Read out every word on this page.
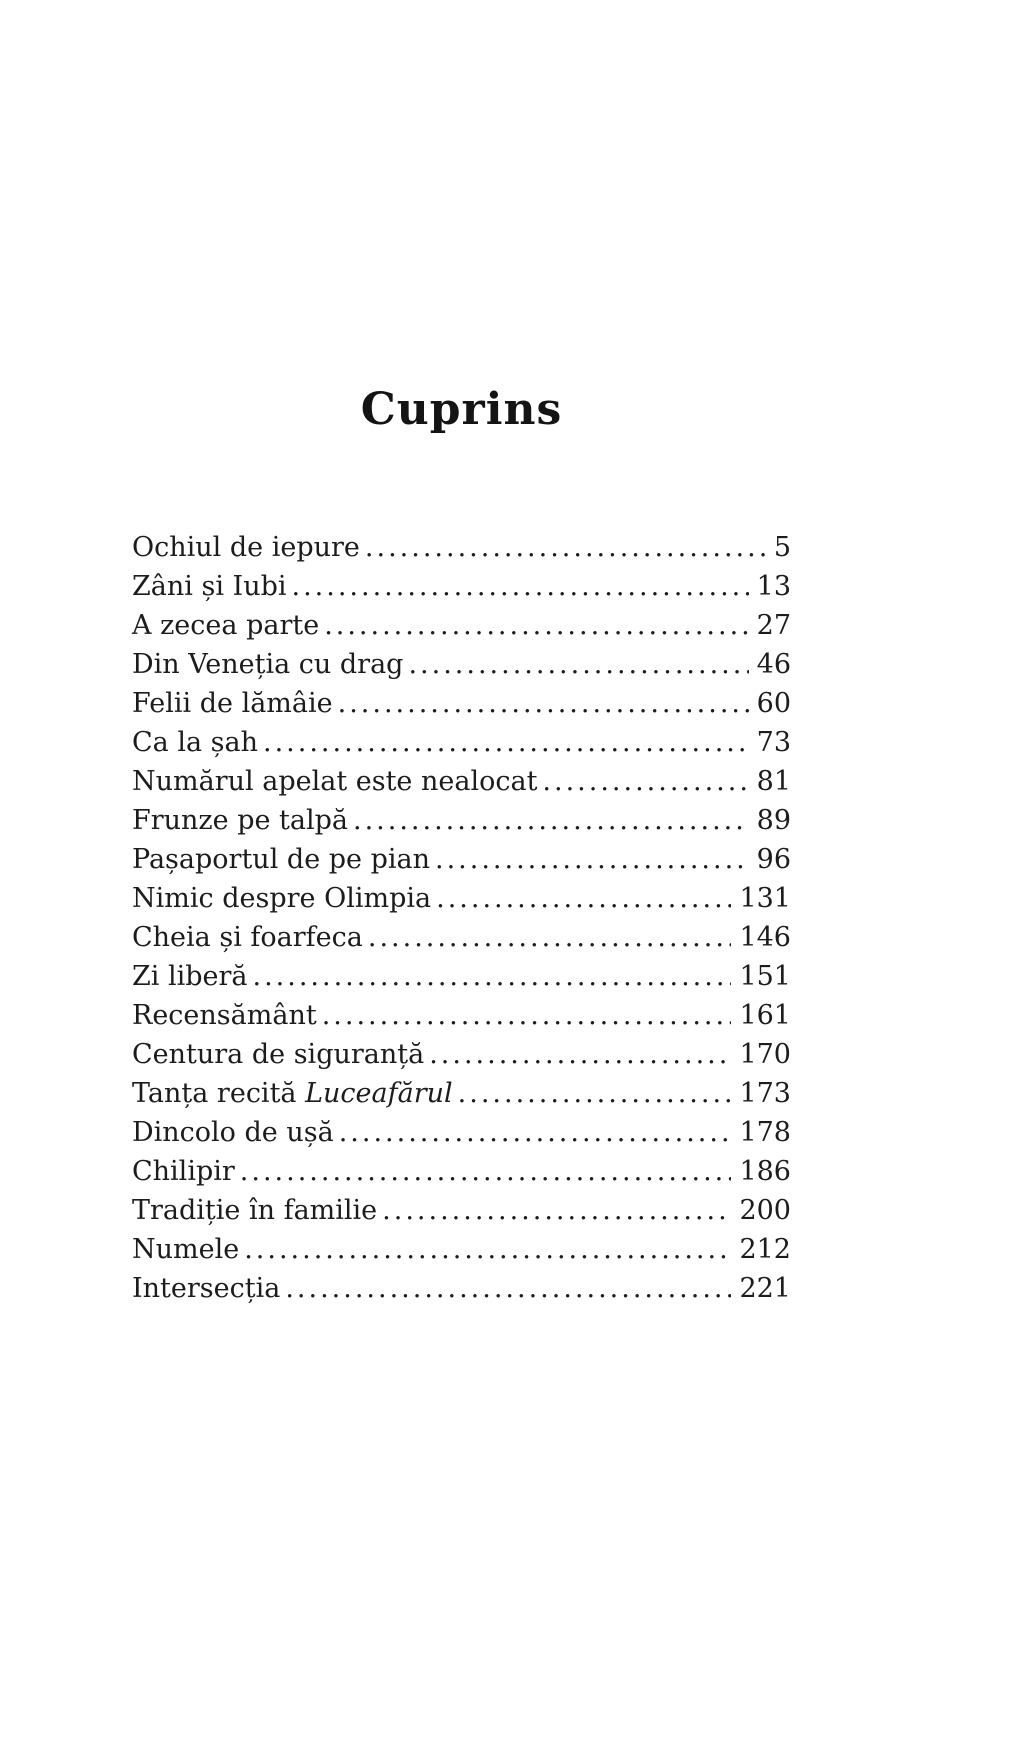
Cuprins
Ochiul de iepure .....	5
Zâni și Iubi .....	13
A zecea parte .....	27
Din Veneția cu drag .....	46
Felii de lămâie .....	60
Ca la șah .....	73
Numărul apelat este nealocat .....	81
Frunze pe talpă .....	89
Pașaportul de pe pian .....	96
Nimic despre Olimpia .....	131
Cheia și foarfeca .....	146
Zi liberă .....	151
Recensământ .....	161
Centura de siguranță .....	170
Tanța recită Luceafărul .....	173
Dincolo de ușă .....	178
Chilipir .....	186
Tradiție în familie .....	200
Numele .....	212
Intersecția .....	221
